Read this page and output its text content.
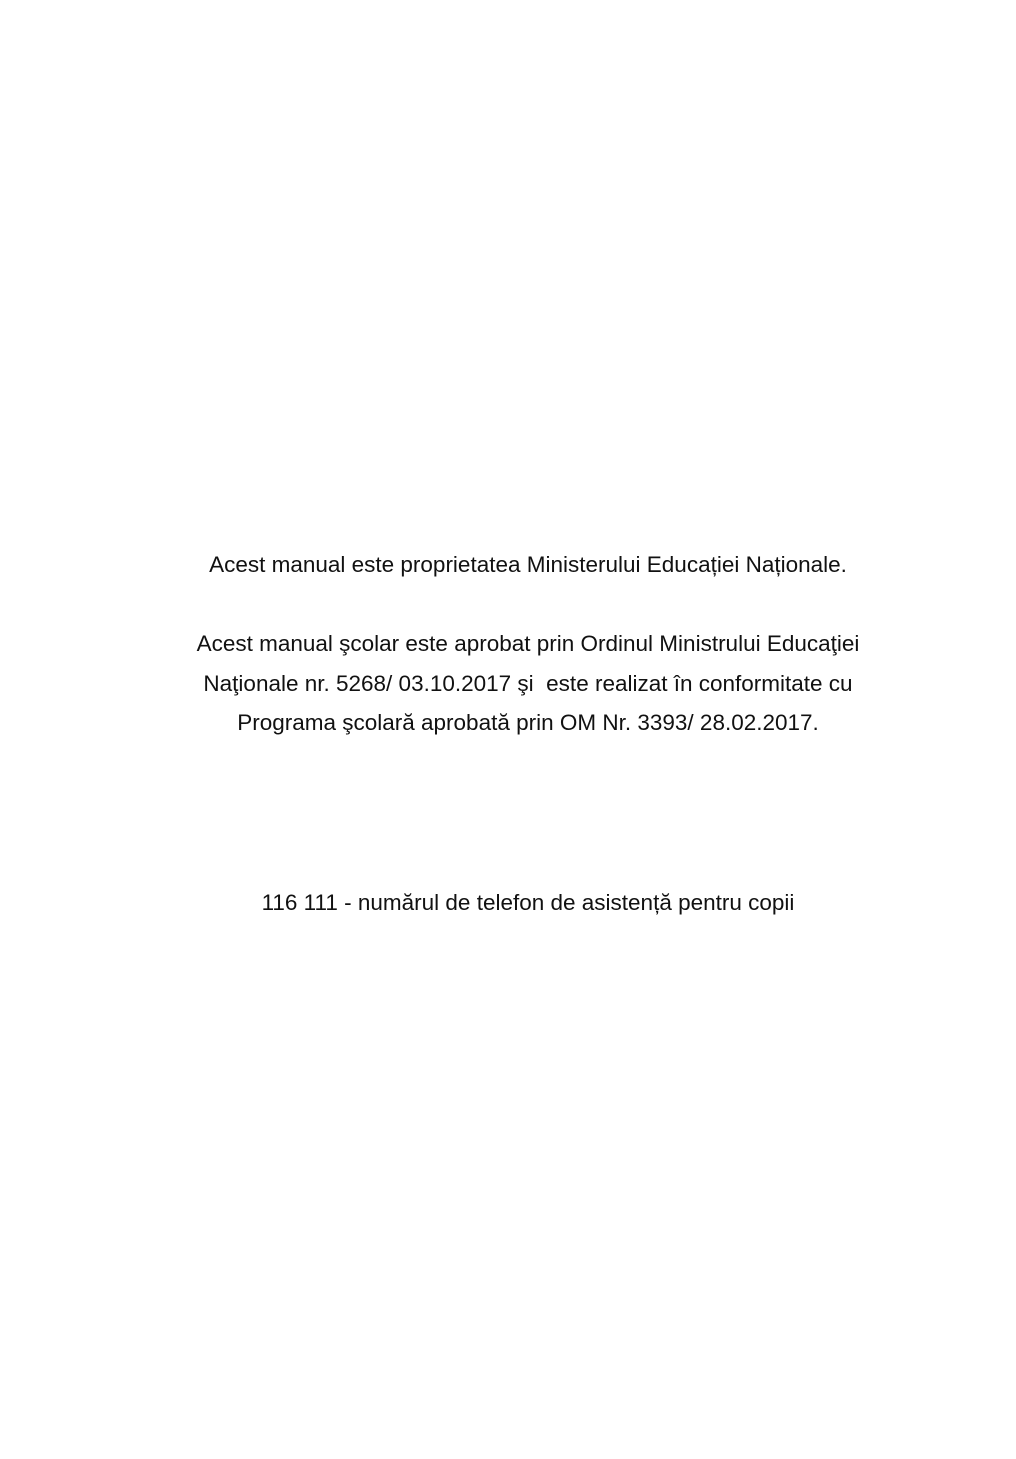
Acest manual este proprietatea Ministerului Educației Naționale.
Acest manual şcolar este aprobat prin Ordinul Ministrului Educaţiei
Naţionale nr. 5268/ 03.10.2017 şi  este realizat în conformitate cu
Programa şcolară aprobată prin OM Nr. 3393/ 28.02.2017.
116 111 - numărul de telefon de asistență pentru copii
